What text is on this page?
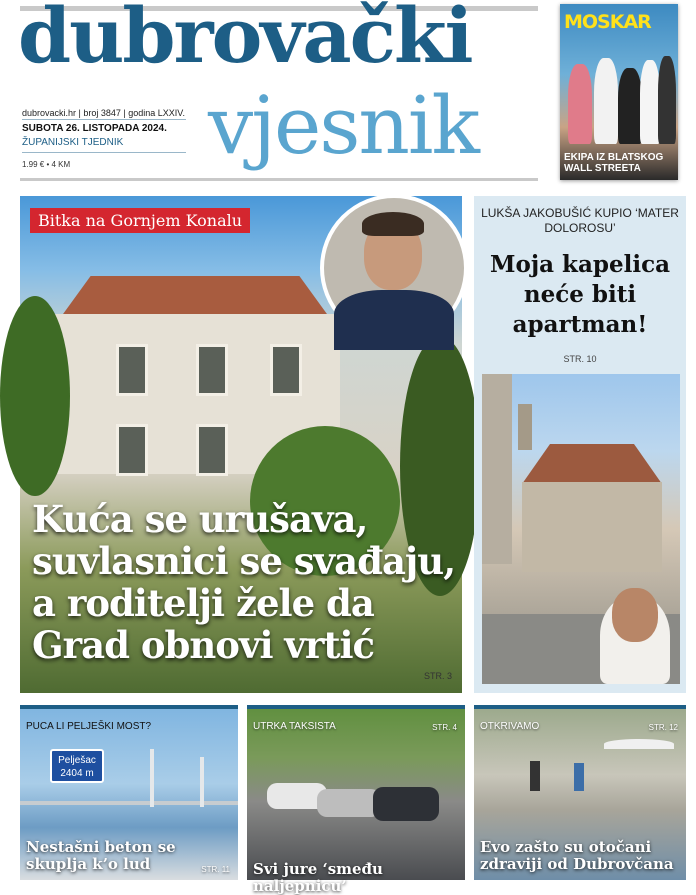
dubrovački
vjesnik
dubrovacki.hr | broj 3847 | godina LXXIV.
SUBOTA 26. LISTOPADA 2024.
ŽUPANIJSKI TJEDNIK
1.99 € • 4 KM
MOSKAR
EKIPA IZ BLATSKOG WALL STREETA
Bitka na Gornjem Konalu
Kuća se urušava, suvlasnici se svađaju, a roditelji žele da Grad obnovi vrtić
STR. 3
LUKŠA JAKOBUŠIĆ KUPIO ‘MATER DOLOROSU’
Moja kapelica neće biti apartman!
STR. 10
PUCA LI PELJEŠKI MOST?
Pelješac
2404 m
Nestašni beton se skuplja k’o lud	STR. 11
UTRKA TAKSISTA	STR. 4
Svi jure ‘smeđu naljepnicu’
OTKRIVAMO	STR. 12
Evo zašto su otočani zdraviji od Dubrovčana
